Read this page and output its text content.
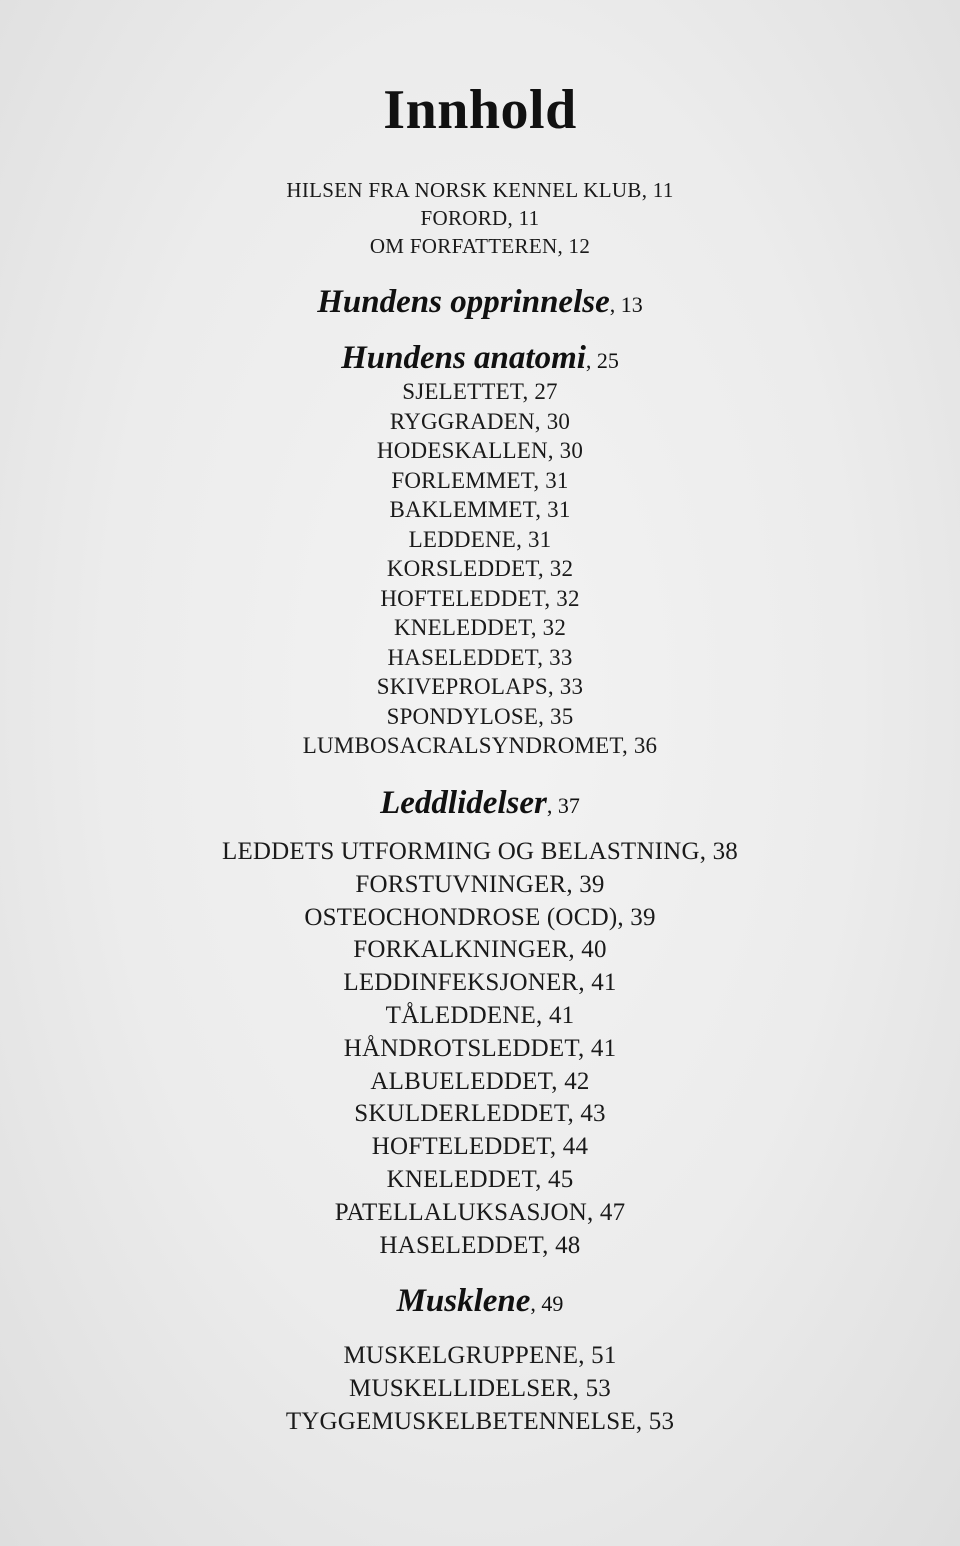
Innhold
HILSEN FRA NORSK KENNEL KLUB, 11
FORORD, 11
OM FORFATTEREN, 12
Hundens opprinnelse, 13
Hundens anatomi, 25
SJELETTET, 27
RYGGRADEN, 30
HODESKALLEN, 30
FORLEMMET, 31
BAKLEMMET, 31
LEDDENE, 31
KORSLEDDET, 32
HOFTELEDDET, 32
KNELEDDET, 32
HASELEDDET, 33
SKIVEPROLAPS, 33
SPONDYLOSE, 35
LUMBOSACRALSYNDROMET, 36
Leddlidelser, 37
LEDDETS UTFORMING OG BELASTNING, 38
FORSTUVNINGER, 39
OSTEOCHONDROSE (OCD), 39
FORKALKNINGER, 40
LEDDINFEKSJONER, 41
TÅLEDDENE, 41
HÅNDROTSLEDDET, 41
ALBUELEDDET, 42
SKULDERLEDDET, 43
HOFTELEDDET, 44
KNELEDDET, 45
PATELLALUKSASJON, 47
HASELEDDET, 48
Musklene, 49
MUSKELGRUPPENE, 51
MUSKELLIDELSER, 53
TYGGEMUSKELBETENNELSE, 53
